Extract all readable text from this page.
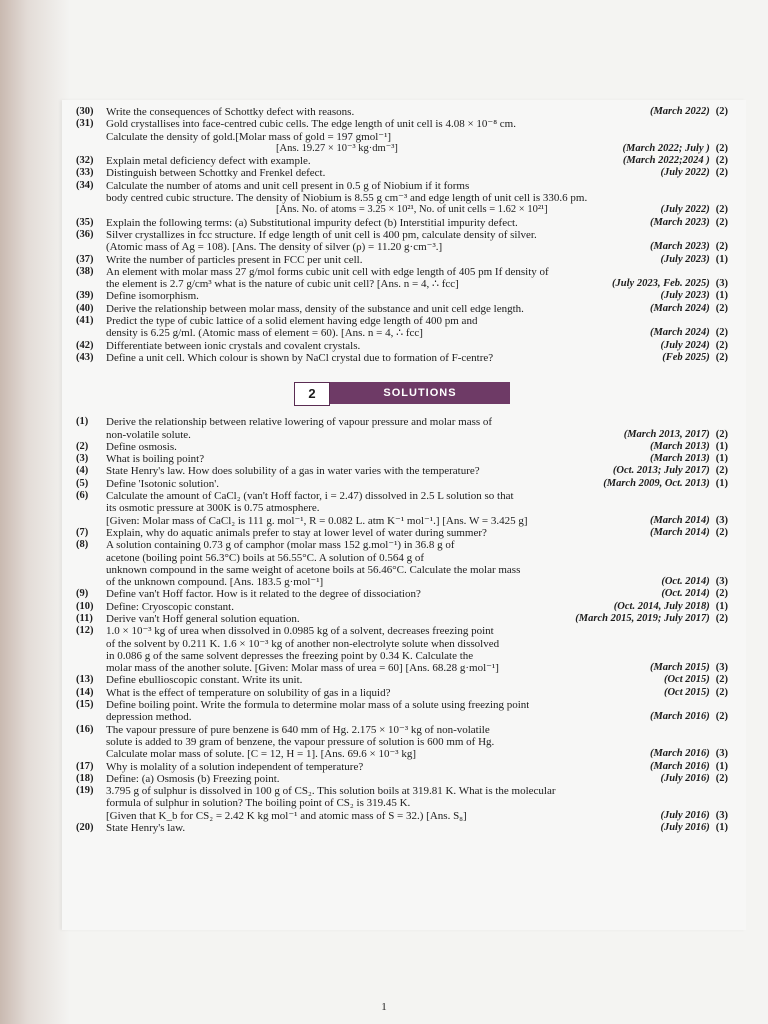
(30)	Write the consequences of Schottky defect with reasons.	(March 2022) (2)
(31)	Gold crystallises into face-centred cubic cells. The edge length of unit cell is 4.08 × 10⁻⁸ cm.
Calculate the density of gold.[Molar mass of gold = 197 gmol⁻¹]
[Ans. 19.27 × 10⁻³ kg·dm⁻³]	(March 2022; July ) (2)
(32)	Explain metal deficiency defect with example.	(March 2022;2024 ) (2)
(33)	Distinguish between Schottky and Frenkel defect.	(July 2022) (2)
(34)	Calculate the number of atoms and unit cell present in 0.5 g of Niobium if it forms
body centred cubic structure. The density of Niobium is 8.55 g cm⁻³ and edge length of unit cell is 330.6 pm.
[Ans. No. of atoms = 3.25 × 10²¹, No. of unit cells = 1.62 × 10²¹]	(July 2022) (2)
(35)	Explain the following terms: (a) Substitutional impurity defect (b) Interstitial impurity defect.	(March 2023) (2)
(36)	Silver crystallizes in fcc structure. If edge length of unit cell is 400 pm, calculate density of silver.
(Atomic mass of Ag = 108). [Ans. The density of silver (ρ) = 11.20 g·cm⁻³.]	(March 2023) (2)
(37)	Write the number of particles present in FCC per unit cell.	(July 2023) (1)
(38)	An element with molar mass 27 g/mol forms cubic unit cell with edge length of 405 pm If density of
the element is 2.7 g/cm³ what is the nature of cubic unit cell? [Ans. n = 4, ∴ fcc]	(July 2023, Feb. 2025) (3)
(39)	Define isomorphism.	(July 2023) (1)
(40)	Derive the relationship between molar mass, density of the substance and unit cell edge length.	(March 2024) (2)
(41)	Predict the type of cubic lattice of a solid element having edge length of 400 pm and
density is 6.25 g/ml. (Atomic mass of element = 60). [Ans. n = 4, ∴ fcc]	(March 2024) (2)
(42)	Differentiate between ionic crystals and covalent crystals.	(July 2024) (2)
(43)	Define a unit cell. Which colour is shown by NaCl crystal due to formation of F-centre?	(Feb 2025) (2)
2	SOLUTIONS
(1)	Derive the relationship between relative lowering of vapour pressure and molar mass of
non-volatile solute.	(March 2013, 2017) (2)
(2)	Define osmosis.	(March 2013) (1)
(3)	What is boiling point?	(March 2013) (1)
(4)	State Henry's law. How does solubility of a gas in water varies with the temperature?	(Oct. 2013; July 2017) (2)
(5)	Define 'Isotonic solution'.	(March 2009, Oct. 2013) (1)
(6)	Calculate the amount of CaCl₂ (van't Hoff factor, i = 2.47) dissolved in 2.5 L solution so that
its osmotic pressure at 300K is 0.75 atmosphere.
[Given: Molar mass of CaCl₂ is 111 g. mol⁻¹, R = 0.082 L. atm K⁻¹ mol⁻¹.] [Ans. W = 3.425 g]	(March 2014) (3)
(7)	Explain, why do aquatic animals prefer to stay at lower level of water during summer?	(March 2014) (2)
(8)	A solution containing 0.73 g of camphor (molar mass 152 g.mol⁻¹) in 36.8 g of
acetone (boiling point 56.3°C) boils at 56.55°C. A solution of 0.564 g of
unknown compound in the same weight of acetone boils at 56.46°C. Calculate the molar mass
of the unknown compound. [Ans. 183.5 g·mol⁻¹]	(Oct. 2014) (3)
(9)	Define van't Hoff factor. How is it related to the degree of dissociation?	(Oct. 2014) (2)
(10)	Define: Cryoscopic constant.	(Oct. 2014, July 2018) (1)
(11)	Derive van't Hoff general solution equation.	(March 2015, 2019; July 2017) (2)
(12)	1.0 × 10⁻³ kg of urea when dissolved in 0.0985 kg of a solvent, decreases freezing point
of the solvent by 0.211 K. 1.6 × 10⁻³ kg of another non-electrolyte solute when dissolved
in 0.086 g of the same solvent depresses the freezing point by 0.34 K. Calculate the
molar mass of the another solute. [Given: Molar mass of urea = 60] [Ans. 68.28 g·mol⁻¹]	(March 2015) (3)
(13)	Define ebullioscopic constant. Write its unit.	(Oct 2015) (2)
(14)	What is the effect of temperature on solubility of gas in a liquid?	(Oct 2015) (2)
(15)	Define boiling point. Write the formula to determine molar mass of a solute using freezing point
depression method.	(March 2016) (2)
(16)	The vapour pressure of pure benzene is 640 mm of Hg. 2.175 × 10⁻³ kg of non-volatile
solute is added to 39 gram of benzene, the vapour pressure of solution is 600 mm of Hg.
Calculate molar mass of solute. [C = 12, H = 1]. [Ans. 69.6 × 10⁻³ kg]	(March 2016) (3)
(17)	Why is molality of a solution independent of temperature?	(March 2016) (1)
(18)	Define: (a) Osmosis (b) Freezing point.	(July 2016) (2)
(19)	3.795 g of sulphur is dissolved in 100 g of CS₂. This solution boils at 319.81 K. What is the molecular
formula of sulphur in solution? The boiling point of CS₂ is 319.45 K.
[Given that K_b for CS₂ = 2.42 K kg mol⁻¹ and atomic mass of S = 32.) [Ans. S₈]	(July 2016) (3)
(20)	State Henry's law.	(July 2016) (1)
1
